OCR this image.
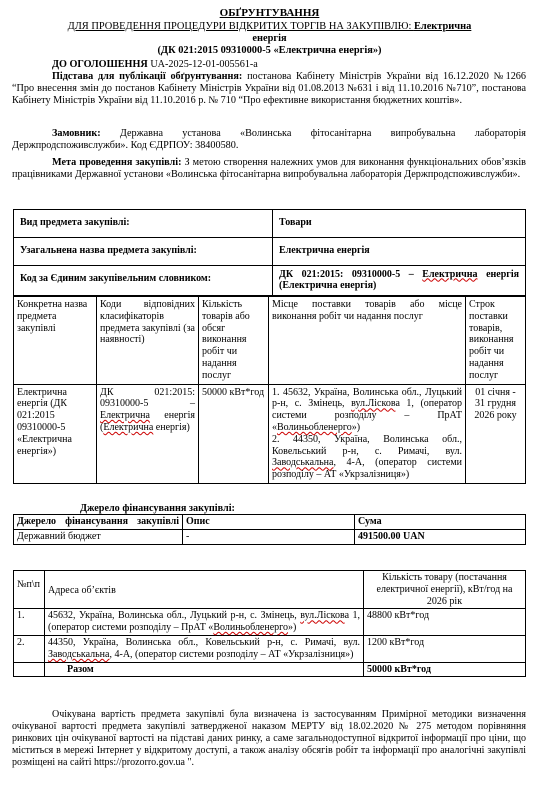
ОБҐРУНТУВАННЯ
ДЛЯ ПРОВЕДЕННЯ ПРОЦЕДУРИ ВІДКРИТИХ ТОРГІВ НА ЗАКУПІВЛЮ: Електрична
енергія
(ДК 021:2015 09310000-5 «Електрична енергія»)
ДО ОГОЛОШЕННЯ UA-2025-12-01-005561-a
Підстава для публікації обґрунтування: постанова Кабінету Міністрів України від 16.12.2020 №1266 “Про внесення змін до постанов Кабінету Міністрів України від 01.08.2013 №631 і від 11.10.2016 №710”, постанова Кабінету Міністрів України від 11.10.2016 р. № 710 “Про ефективне використання бюджетних коштів».
Замовник: Державна установа «Волинська фітосанітарна випробувальна лабораторія Держпродспоживслужби». Код ЄДРПОУ: 38400580.
Мета проведення закупівлі: З метою створення належних умов для виконання функціональних обов’язків працівниками Державної установи «Волинська фітосанітарна випробувальна лабораторія Держпродспоживслужби».
Вид предмета закупівлі:	Товари
Узагальнена назва предмета закупівлі:	Електрична енергія
Код за Єдиним закупівельним словником:	ДК 021:2015: 09310000-5 – Електрична енергія (Електрична енергія)
Конкретна назва предмета закупівлі	Коди відповідних класифікаторів предмета закупівлі (за наявності)	Кількість товарів або обсяг виконання робіт чи надання послуг	Місце поставки товарів або місце виконання робіт чи надання послуг	Строк поставки товарів, виконання робіт чи надання послуг
Електрична енергія (ДК 021:2015 09310000-5 «Електрична енергія»)	ДК 021:2015: 09310000-5 – Електрична енергія (Електрична енергія)	50000 кВт*год	1. 45632, Україна, Волинська обл., Луцький р-н, с. Змінець, вул.Ліскова 1, (оператор системи розподілу – ПрАТ «Волиньобленерго»)
2. 44350, Україна, Волинська обл., Ковельський р-н, с. Римачі, вул. Заводськальна, 4-А, (оператор системи розподілу – АТ «Укрзалізниця»)	01 січня - 31 грудня 2026 року
Джерело фінансування закупівлі:
Джерело фінансування закупівлі	Опис	Сума
Державний бюджет	-	491500.00 UAN
№п\п	Адреса об’єктів	Кількість товару (постачання електричної енергії), кВт/год на 2026 рік
1.	45632, Україна, Волинська обл., Луцький р-н, с. Змінець, вул.Ліскова 1, (оператор системи розподілу – ПрАТ «Волиньобленерго»)	48800 кВт*год
2.	44350, Україна, Волинська обл., Ковельський р-н, с. Римачі, вул. Заводськальна, 4-А, (оператор системи розподілу – АТ «Укрзалізниця»)	1200 кВт*год
	Разом	50000 кВт*год
Очікувана вартість предмета закупівлі була визначена із застосуванням Примірної методики визначення очікуваної вартості предмета закупівлі затвердженої наказом МЕРТУ від 18.02.2020 № 275 методом порівняння ринкових цін очікуваної вартості на підставі даних ринку, а саме загальнодоступної відкритої інформації про ціни, що міститься в мережі Інтернет у відкритому доступі, а також аналізу обсягів робіт та інформації про аналогічні закупівлі розміщені на сайті https://prozorro.gov.ua ".
